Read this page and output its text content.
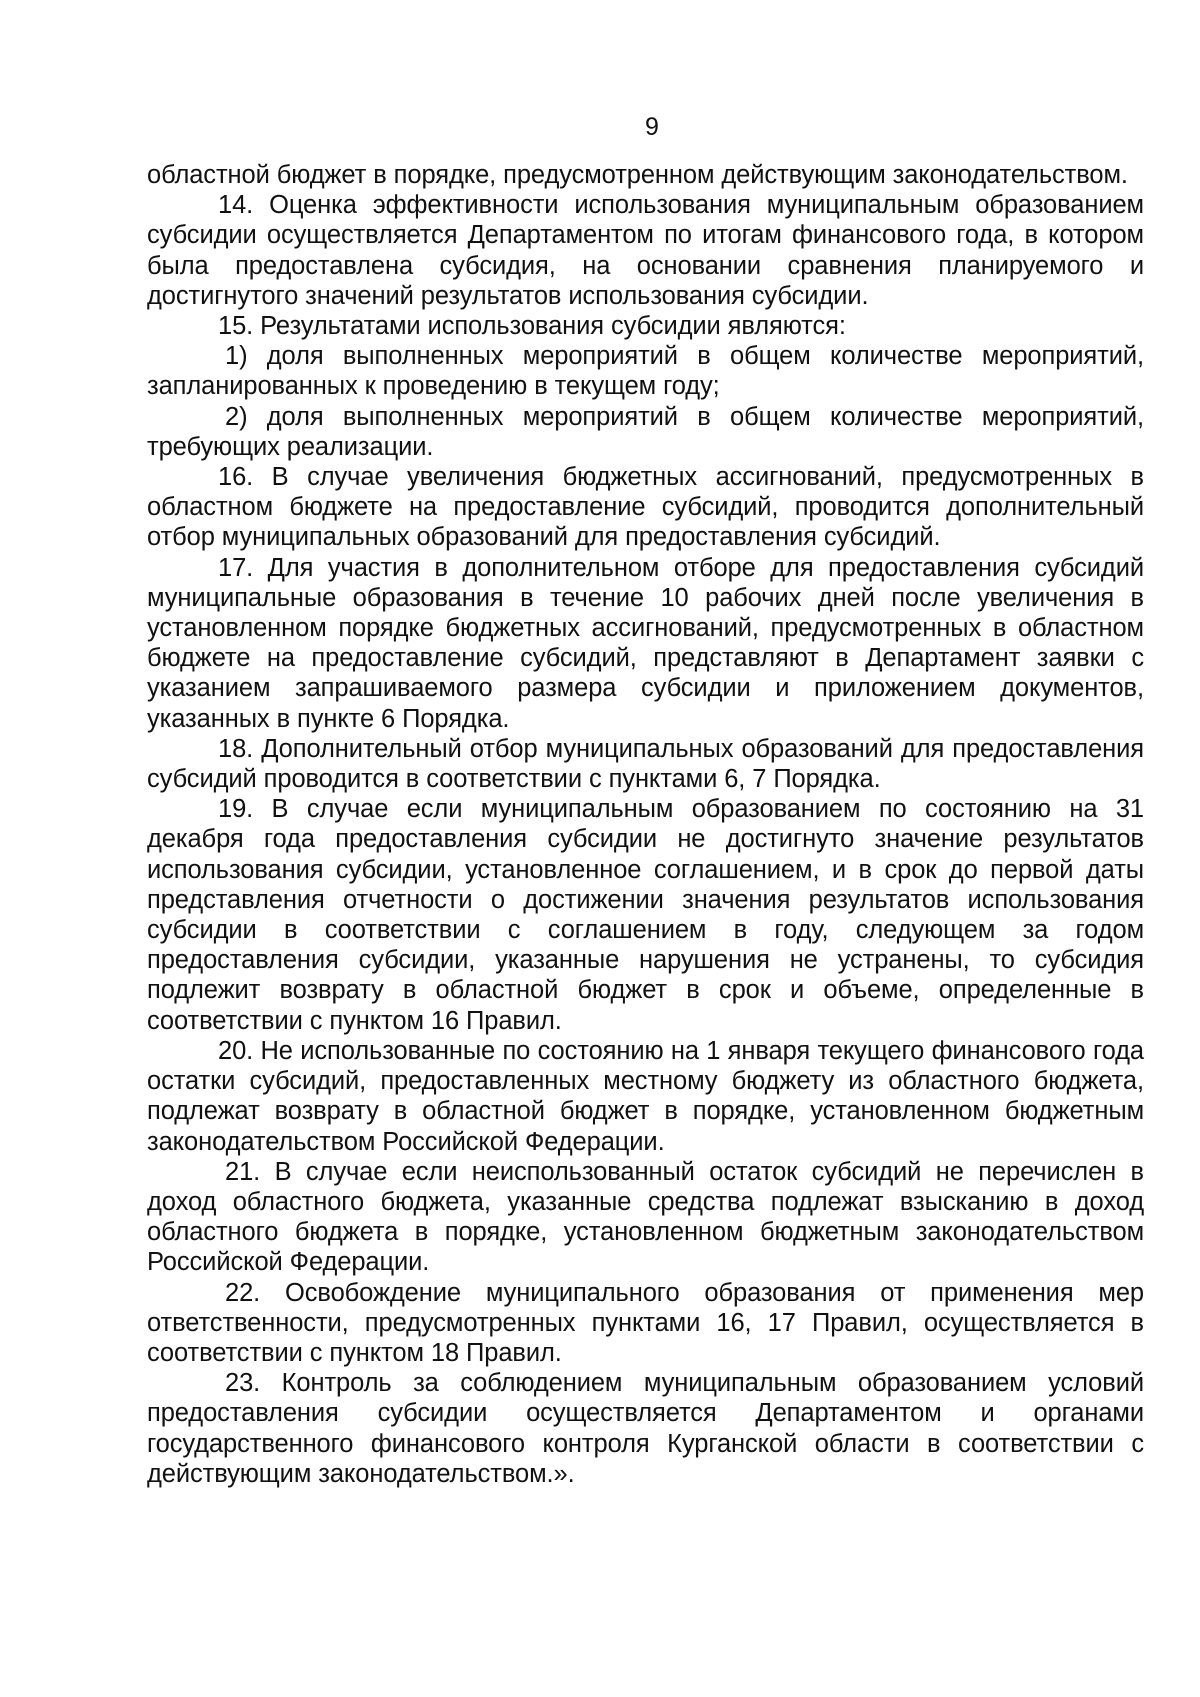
9

областной бюджет в порядке, предусмотренном действующим законодательством.

14. Оценка эффективности использования муниципальным образованием субсидии осуществляется Департаментом по итогам финансового года, в котором была предоставлена субсидия, на основании сравнения планируемого и достигнутого значений результатов использования субсидии.

15. Результатами использования субсидии являются:

1) доля выполненных мероприятий в общем количестве мероприятий, запланированных к проведению в текущем году;

2) доля выполненных мероприятий в общем количестве мероприятий, требующих реализации.

16. В случае увеличения бюджетных ассигнований, предусмотренных в областном бюджете на предоставление субсидий, проводится дополнительный отбор муниципальных образований для предоставления субсидий.

17. Для участия в дополнительном отборе для предоставления субсидий муниципальные образования в течение 10 рабочих дней после увеличения в установленном порядке бюджетных ассигнований, предусмотренных в областном бюджете на предоставление субсидий, представляют в Департамент заявки с указанием запрашиваемого размера субсидии и приложением документов, указанных в пункте 6 Порядка.

18. Дополнительный отбор муниципальных образований для предоставления субсидий проводится в соответствии с пунктами 6, 7 Порядка.

19. В случае если муниципальным образованием по состоянию на 31 декабря года предоставления субсидии не достигнуто значение результатов использования субсидии, установленное соглашением, и в срок до первой даты представления отчетности о достижении значения результатов использования субсидии в соответствии с соглашением в году, следующем за годом предоставления субсидии, указанные нарушения не устранены, то субсидия подлежит возврату в областной бюджет в срок и объеме, определенные в соответствии с пунктом 16 Правил.

20. Не использованные по состоянию на 1 января текущего финансового года остатки субсидий, предоставленных местному бюджету из областного бюджета, подлежат возврату в областной бюджет в порядке, установленном бюджетным законодательством Российской Федерации.

21. В случае если неиспользованный остаток субсидий не перечислен в доход областного бюджета, указанные средства подлежат взысканию в доход областного бюджета в порядке, установленном бюджетным законодательством Российской Федерации.

22. Освобождение муниципального образования от применения мер ответственности, предусмотренных пунктами 16, 17 Правил, осуществляется в соответствии с пунктом 18 Правил.

23. Контроль за соблюдением муниципальным образованием условий предоставления субсидии осуществляется Департаментом и органами государственного финансового контроля Курганской области в соответствии с действующим законодательством.».
